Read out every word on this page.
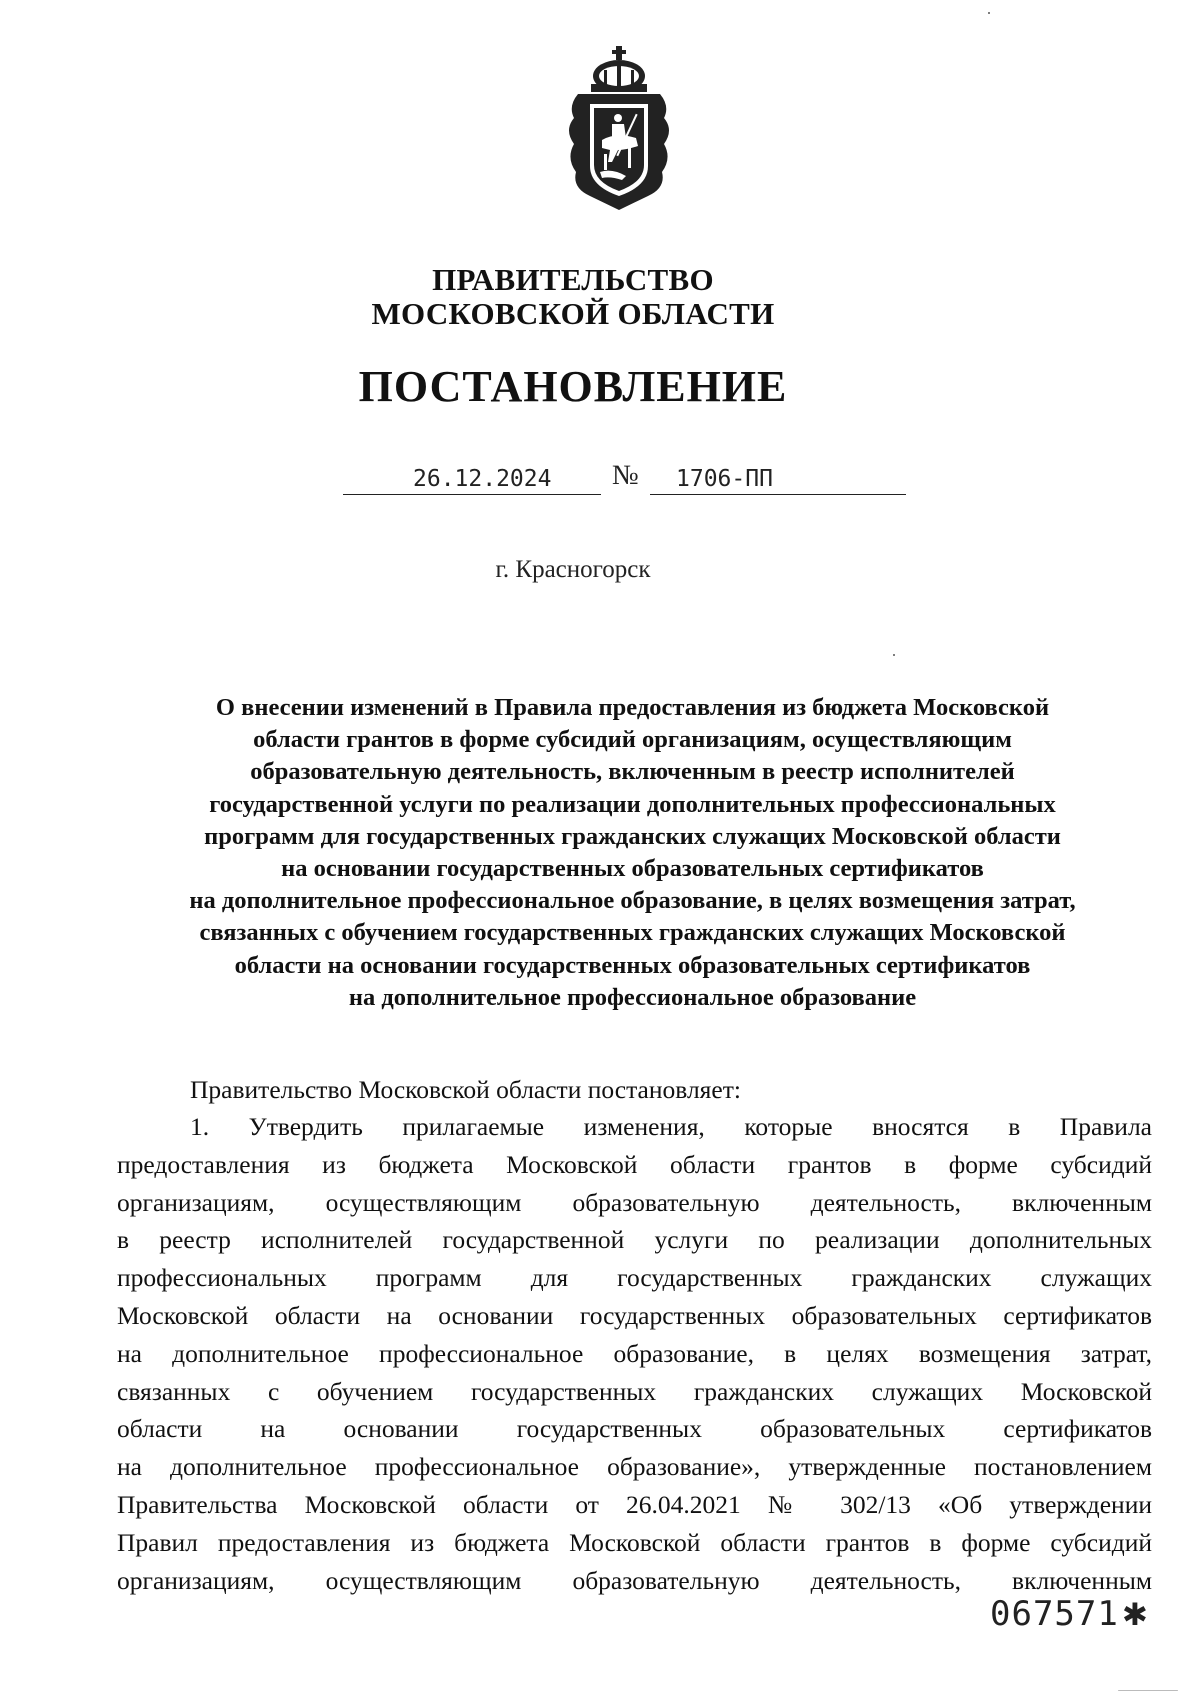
ПРАВИТЕЛЬСТВО
МОСКОВСКОЙ ОБЛАСТИ
ПОСТАНОВЛЕНИЕ
26.12.2024 № 1706-ПП
г. Красногорск
О внесении изменений в Правила предоставления из бюджета Московской
области грантов в форме субсидий организациям, осуществляющим
образовательную деятельность, включенным в реестр исполнителей
государственной услуги по реализации дополнительных профессиональных
программ для государственных гражданских служащих Московской области
на основании государственных образовательных сертификатов
на дополнительное профессиональное образование, в целях возмещения затрат,
связанных с обучением государственных гражданских служащих Московской
области на основании государственных образовательных сертификатов
на дополнительное профессиональное образование
Правительство Московской области постановляет:
1. Утвердить прилагаемые изменения, которые вносятся в Правила
предоставления из бюджета Московской области грантов в форме субсидий
организациям, осуществляющим образовательную деятельность, включенным
в реестр исполнителей государственной услуги по реализации дополнительных
профессиональных программ для государственных гражданских служащих
Московской области на основании государственных образовательных сертификатов
на дополнительное профессиональное образование, в целях возмещения затрат,
связанных с обучением государственных гражданских служащих Московской
области на основании государственных образовательных сертификатов
на дополнительное профессиональное образование», утвержденные постановлением
Правительства Московской области от 26.04.2021 № 302/13 «Об утверждении
Правил предоставления из бюджета Московской области грантов в форме субсидий
организациям, осуществляющим образовательную деятельность, включенным
067571 ✱
